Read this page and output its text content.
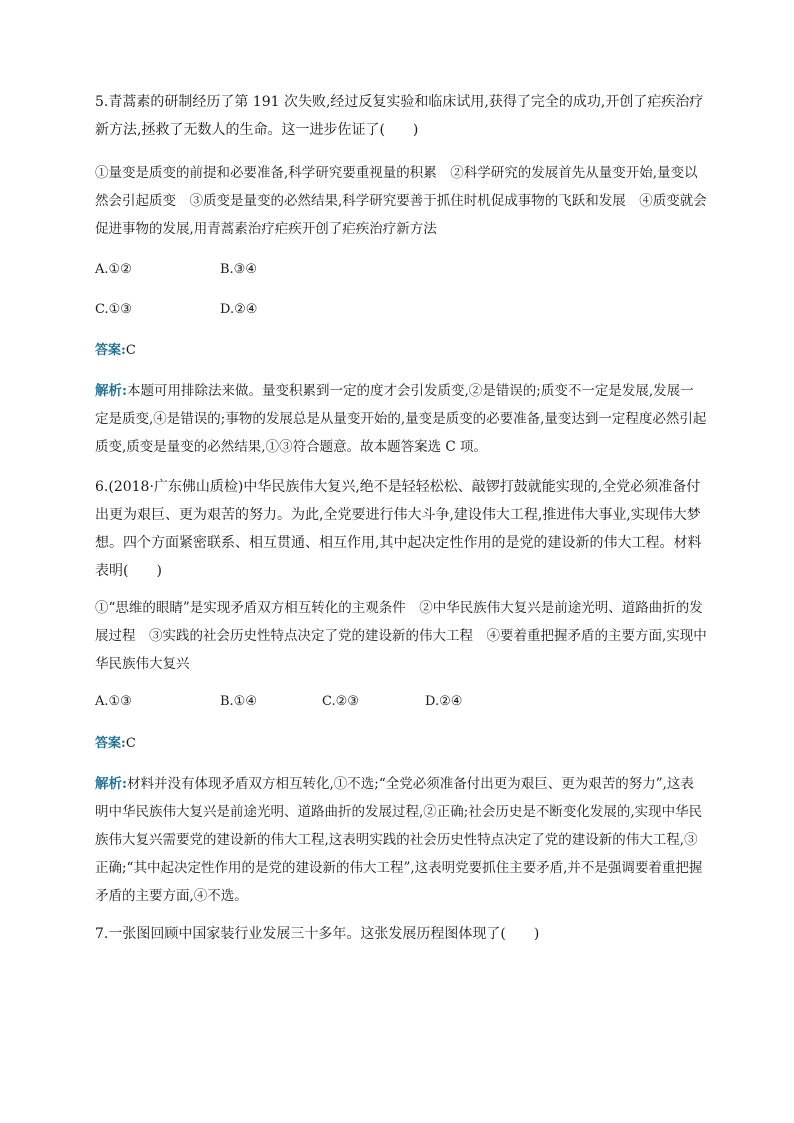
5.青蒿素的研制经历了第 191 次失败,经过反复实验和临床试用,获得了完全的成功,开创了疟疾治疗新方法,拯救了无数人的生命。这一进步佐证了(　　)
①量变是质变的前提和必要准备,科学研究要重视量的积累　②科学研究的发展首先从量变开始,量变以然会引起质变　③质变是量变的必然结果,科学研究要善于抓住时机促成事物的飞跃和发展　④质变就会促进事物的发展,用青蒿素治疗疟疾开创了疟疾治疗新方法
A.①②	B.③④
C.①③	D.②④
答案:C
解析:本题可用排除法来做。量变积累到一定的度才会引发质变,②是错误的;质变不一定是发展,发展一定是质变,④是错误的;事物的发展总是从量变开始的,量变是质变的必要准备,量变达到一定程度必然引起质变,质变是量变的必然结果,①③符合题意。故本题答案选 C 项。
6.(2018·广东佛山质检)中华民族伟大复兴,绝不是轻轻松松、敲锣打鼓就能实现的,全党必须准备付出更为艰巨、更为艰苦的努力。为此,全党要进行伟大斗争,建设伟大工程,推进伟大事业,实现伟大梦想。四个方面紧密联系、相互贯通、相互作用,其中起决定性作用的是党的建设新的伟大工程。材料表明(　　)
①“思维的眼睛”是实现矛盾双方相互转化的主观条件　②中华民族伟大复兴是前途光明、道路曲折的发展过程　③实践的社会历史性特点决定了党的建设新的伟大工程　④要着重把握矛盾的主要方面,实现中华民族伟大复兴
A.①③	B.①④	C.②③	D.②④
答案:C
解析:材料并没有体现矛盾双方相互转化,①不选;“全党必须准备付出更为艰巨、更为艰苦的努力”,这表明中华民族伟大复兴是前途光明、道路曲折的发展过程,②正确;社会历史是不断变化发展的,实现中华民族伟大复兴需要党的建设新的伟大工程,这表明实践的社会历史性特点决定了党的建设新的伟大工程,③正确;“其中起决定性作用的是党的建设新的伟大工程”,这表明党要抓住主要矛盾,并不是强调要着重把握矛盾的主要方面,④不选。
7.一张图回顾中国家装行业发展三十多年。这张发展历程图体现了(　　)
